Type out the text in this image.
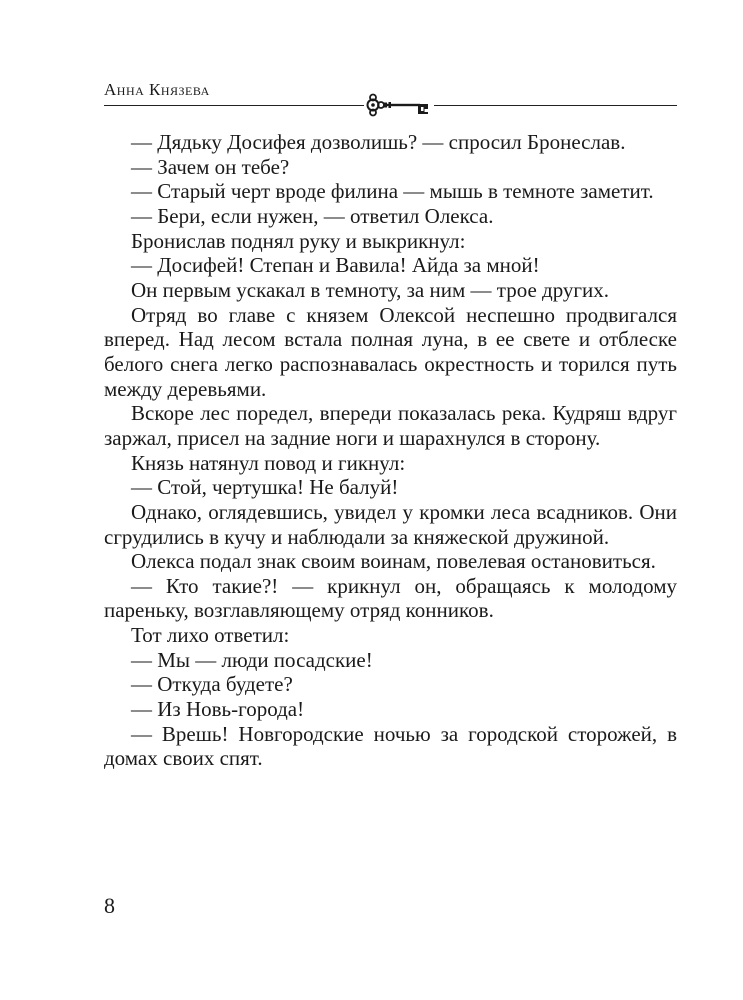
Анна Князева

— Дядьку Досифея дозволишь? — спросил Бронеслав.

— Зачем он тебе?

— Старый черт вроде филина — мышь в темноте заметит.

— Бери, если нужен, — ответил Олекса.

Бронислав поднял руку и выкрикнул:

— Досифей! Степан и Вавила! Айда за мной!

Он первым ускакал в темноту, за ним — трое других.

Отряд во главе с князем Олексой неспешно продвигался вперед. Над лесом встала полная луна, в ее свете и отблеске белого снега легко распознавалась окрестность и торился путь между деревьями.

Вскоре лес поредел, впереди показалась река. Кудряш вдруг заржал, присел на задние ноги и шарахнулся в сторону.

Князь натянул повод и гикнул:

— Стой, чертушка! Не балуй!

Однако, оглядевшись, увидел у кромки леса всадников. Они сгрудились в кучу и наблюдали за княжеской дружиной.

Олекса подал знак своим воинам, повелевая остановиться.

— Кто такие?! — крикнул он, обращаясь к молодому пареньку, возглавляющему отряд конников.

Тот лихо ответил:

— Мы — люди посадские!

— Откуда будете?

— Из Новь-города!

— Врешь! Новгородские ночью за городской сторожей, в домах своих спят.

8
